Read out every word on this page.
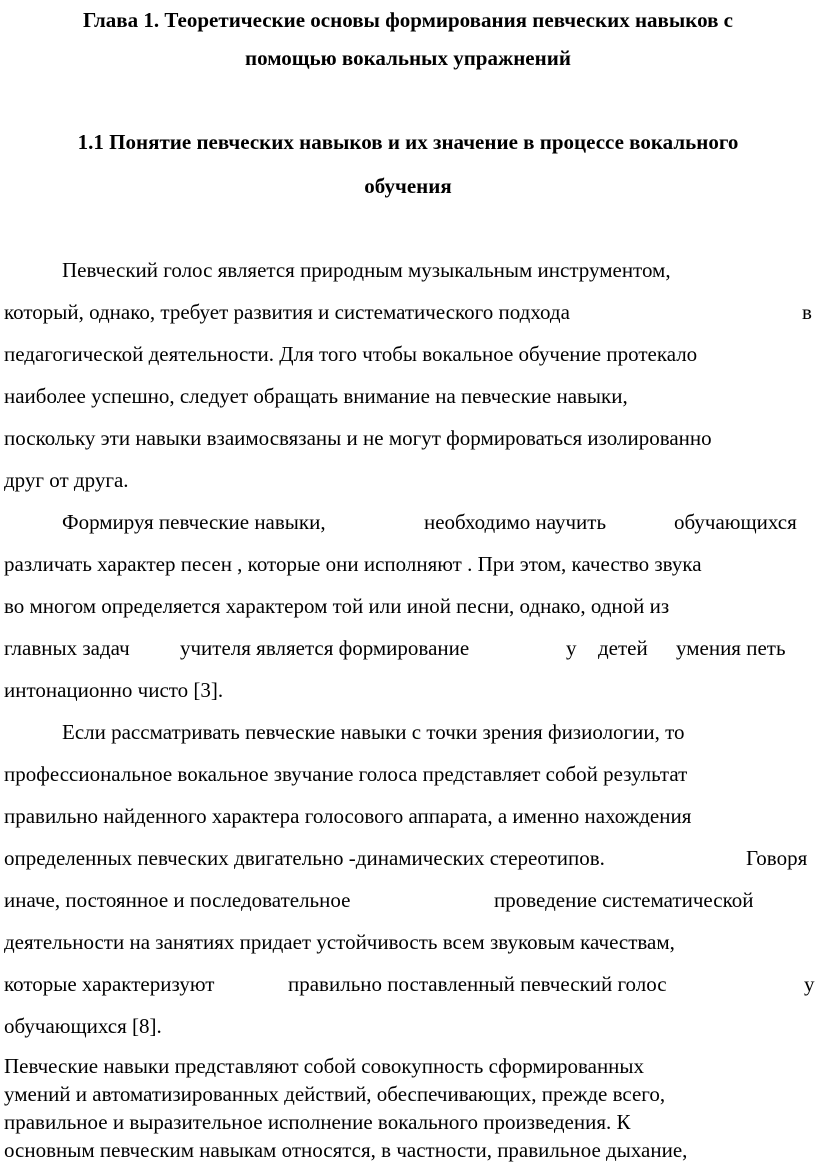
Глава 1. Теоретические основы формирования певческих навыков с
помощью вокальных упражнений
1.1 Понятие певческих навыков и их значение в процессе вокального
обучения
Певческий голос является природным музыкальным инструментом,
который, однако, требует развития и систематического подхода	в
педагогической деятельности. Для того чтобы вокальное обучение протекало
наиболее успешно, следует обращать внимание на певческие навыки,
поскольку эти навыки взаимосвязаны и не могут формироваться изолированно
друг от друга.
Формируя певческие навыки,	необходимо научить	обучающихся
различать характер песен , которые они исполняют . При этом, качество звука
во многом определяется характером той или иной песни, однако, одной из
главных задач учителя является формирование	у детей умения петь
интонационно чисто [3].
Если рассматривать певческие навыки с точки зрения физиологии, то
профессиональное вокальное звучание голоса представляет собой результат
правильно найденного характера голосового аппарата, а именно нахождения
определенных певческих двигательно -динамических стереотипов.	Говоря
иначе, постоянное и последовательное	проведение систематической
деятельности на занятиях придает устойчивость всем звуковым качествам,
которые характеризуют	правильно поставленный певческий голос	у
обучающихся [8].
Певческие навыки представляют собой совокупность сформированных
умений и автоматизированных действий, обеспечивающих, прежде всего,
правильное и выразительное исполнение вокального произведения. К
основным певческим навыкам относятся, в частности, правильное дыхание,
